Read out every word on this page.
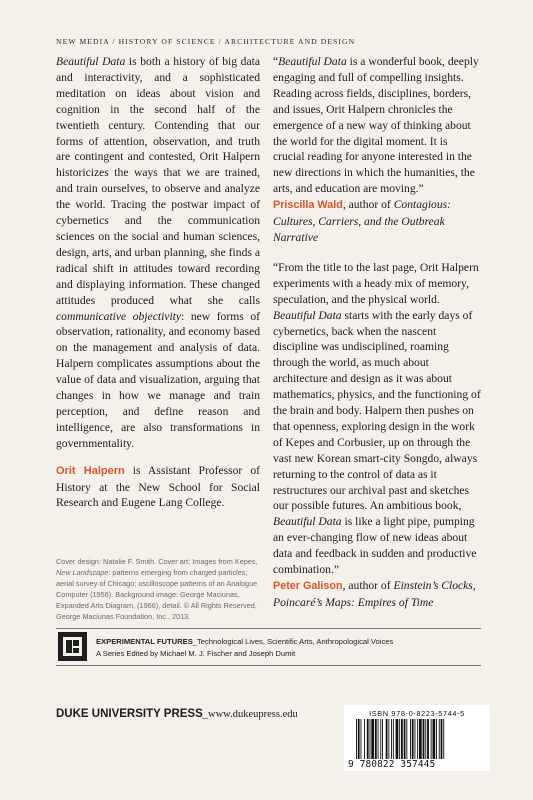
NEW MEDIA / HISTORY OF SCIENCE / ARCHITECTURE AND DESIGN

Beautiful Data is both a history of big data and interactivity, and a sophisticated meditation on ideas about vision and cognition in the second half of the twentieth century. Contending that our forms of attention, observation, and truth are contingent and contested, Orit Halpern historicizes the ways that we are trained, and train ourselves, to observe and analyze the world. Tracing the postwar impact of cybernetics and the communication sciences on the social and human sciences, design, arts, and urban planning, she finds a radical shift in attitudes toward recording and displaying information. These changed attitudes produced what she calls communicative objectivity: new forms of observation, rationality, and economy based on the management and analysis of data. Halpern complicates assumptions about the value of data and visualization, arguing that changes in how we manage and train perception, and define reason and intelligence, are also transformations in governmentality.

Orit Halpern is Assistant Professor of History at the New School for Social Research and Eugene Lang College.

Cover design: Natalie F. Smith. Cover art: Images from Kepes, New Landscape: patterns emerging from charged particles; aerial survey of Chicago; oscilloscope patterns of an Analogue Computer (1956). Background image: George Maciunas, Expanded Arts Diagram, (1966), detail. © All Rights Reserved, George Maciunas Foundation, Inc., 2013.

“Beautiful Data is a wonderful book, deeply engaging and full of compelling insights. Reading across fields, disciplines, borders, and issues, Orit Halpern chronicles the emergence of a new way of thinking about the world for the digital moment. It is crucial reading for anyone interested in the new directions in which the humanities, the arts, and education are moving.”

Priscilla Wald, author of Contagious: Cultures, Carriers, and the Outbreak Narrative

“From the title to the last page, Orit Halpern experiments with a heady mix of memory, speculation, and the physical world. Beautiful Data starts with the early days of cybernetics, back when the nascent discipline was undisciplined, roaming through the world, as much about architecture and design as it was about mathematics, physics, and the functioning of the brain and body. Halpern then pushes on that openness, exploring design in the work of Kepes and Corbusier, up on through the vast new Korean smart-city Songdo, always returning to the control of data as it restructures our archival past and sketches our possible futures. An ambitious book, Beautiful Data is like a light pipe, pumping an ever-changing flow of new ideas about data and feedback in sudden and productive combination.”

Peter Galison, author of Einstein’s Clocks, Poincaré’s Maps: Empires of Time

EXPERIMENTAL FUTURES_Technological Lives, Scientific Arts, Anthropological Voices
A Series Edited by Michael M. J. Fischer and Joseph Dumit
DUKE UNIVERSITY PRESS_www.dukeupress.edu	ISBN 978-0-8223-5744-5
9 780822 357445
